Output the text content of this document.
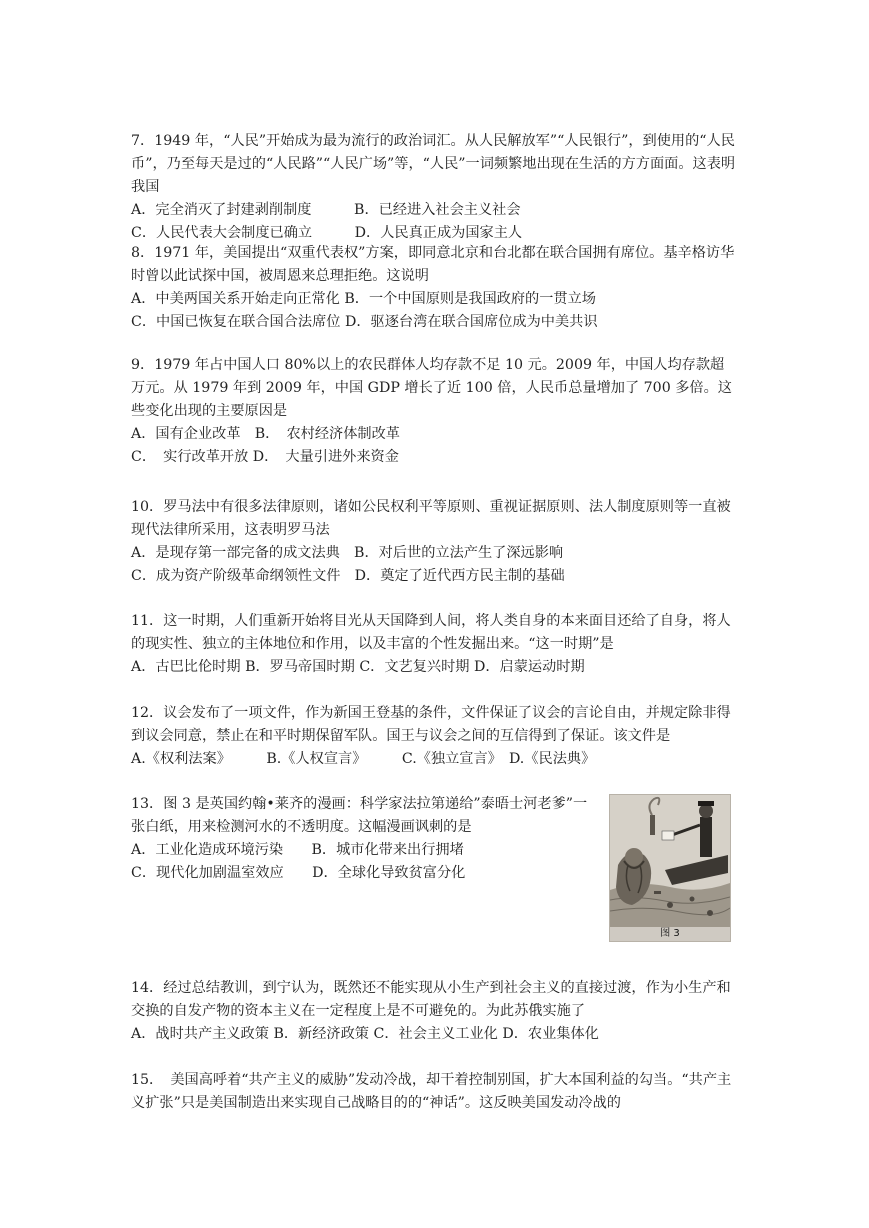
7．1949 年，“人民”开始成为最为流行的政治词汇。从人民解放军”“人民银行”，到使用的“人民币”，乃至每天是过的“人民路”“人民广场”等，“人民”一词频繁地出现在生活的方方面面。这表明我国

A．完全消灭了封建剥削制度　　　B．已经进入社会主义社会

C．人民代表大会制度已确立　　　D．人民真正成为国家主人

8．1971 年，美国提出“双重代表权”方案，即同意北京和台北都在联合国拥有席位。基辛格访华时曾以此试探中国，被周恩来总理拒绝。这说明

A．中美两国关系开始走向正常化 B．一个中国原则是我国政府的一贯立场

C．中国已恢复在联合国合法席位 D．驱逐台湾在联合国席位成为中美共识

9．1979 年占中国人口 80%以上的农民群体人均存款不足 10 元。2009 年，中国人均存款超万元。从 1979 年到 2009 年，中国 GDP 增长了近 100 倍，人民币总量增加了 700 多倍。这些变化出现的主要原因是

A．国有企业改革　B．　农村经济体制改革

C．　实行改革开放 D．　大量引进外来资金

10．罗马法中有很多法律原则，诸如公民权利平等原则、重视证据原则、法人制度原则等一直被现代法律所采用，这表明罗马法

A．是现存第一部完备的成文法典　B．对后世的立法产生了深远影响

C．成为资产阶级革命纲领性文件　D．奠定了近代西方民主制的基础

11．这一时期，人们重新开始将目光从天国降到人间，将人类自身的本来面目还给了自身，将人的现实性、独立的主体地位和作用，以及丰富的个性发掘出来。“这一时期”是

A．古巴比伦时期 B．罗马帝国时期 C．文艺复兴时期 D．启蒙运动时期

12．议会发布了一项文件，作为新国王登基的条件，文件保证了议会的言论自由，并规定除非得到议会同意，禁止在和平时期保留军队。国王与议会之间的互信得到了保证。该文件是

A.《权利法案》　　　B.《人权宣言》　　　C.《独立宣言》　D.《民法典》

13．图 3 是英国约翰•莱齐的漫画：科学家法拉第递给”泰晤士河老爹”一张白纸，用来检测河水的不透明度。这幅漫画讽刺的是

A．工业化造成环境污染　　B．城市化带来出行拥堵

C．现代化加剧温室效应　　D．全球化导致贫富分化

图 3

14．经过总结教训，到宁认为，既然还不能实现从小生产到社会主义的直接过渡，作为小生产和交换的自发产物的资本主义在一定程度上是不可避免的。为此苏俄实施了

A．战时共产主义政策 B．新经济政策 C．社会主义工业化 D．农业集体化

15．　美国高呼着“共产主义的威胁”发动冷战，却干着控制别国，扩大本国利益的勾当。“共产主义扩张”只是美国制造出来实现自己战略目的的“神话”。这反映美国发动冷战的
